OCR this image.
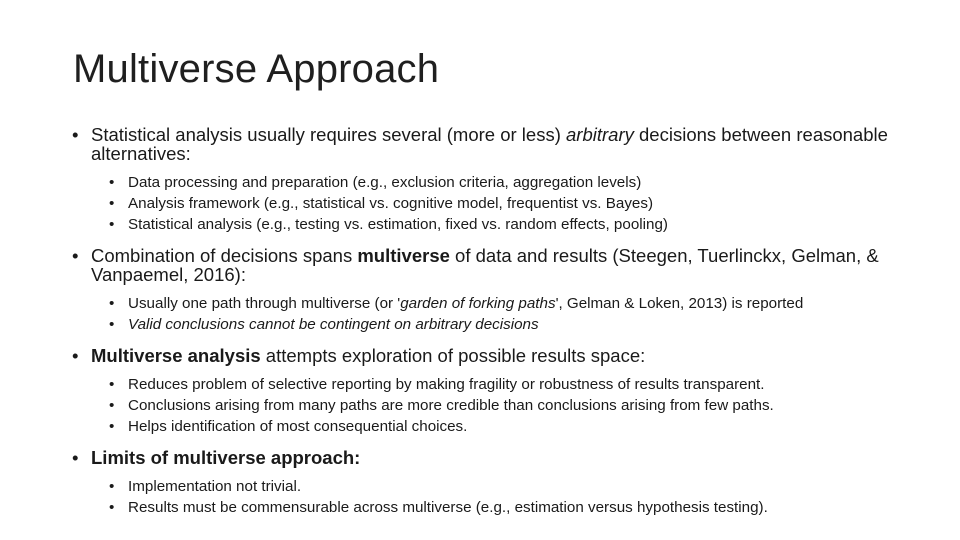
Multiverse Approach
• Statistical analysis usually requires several (more or less) arbitrary decisions between reasonable alternatives:
• Data processing and preparation (e.g., exclusion criteria, aggregation levels)
• Analysis framework (e.g., statistical vs. cognitive model, frequentist vs. Bayes)
• Statistical analysis (e.g., testing vs. estimation, fixed vs. random effects, pooling)
• Combination of decisions spans multiverse of data and results (Steegen, Tuerlinckx, Gelman, & Vanpaemel, 2016):
• Usually one path through multiverse (or 'garden of forking paths', Gelman & Loken, 2013) is reported
• Valid conclusions cannot be contingent on arbitrary decisions
• Multiverse analysis attempts exploration of possible results space:
• Reduces problem of selective reporting by making fragility or robustness of results transparent.
• Conclusions arising from many paths are more credible than conclusions arising from few paths.
• Helps identification of most consequential choices.
• Limits of multiverse approach:
• Implementation not trivial.
• Results must be commensurable across multiverse (e.g., estimation versus hypothesis testing).
